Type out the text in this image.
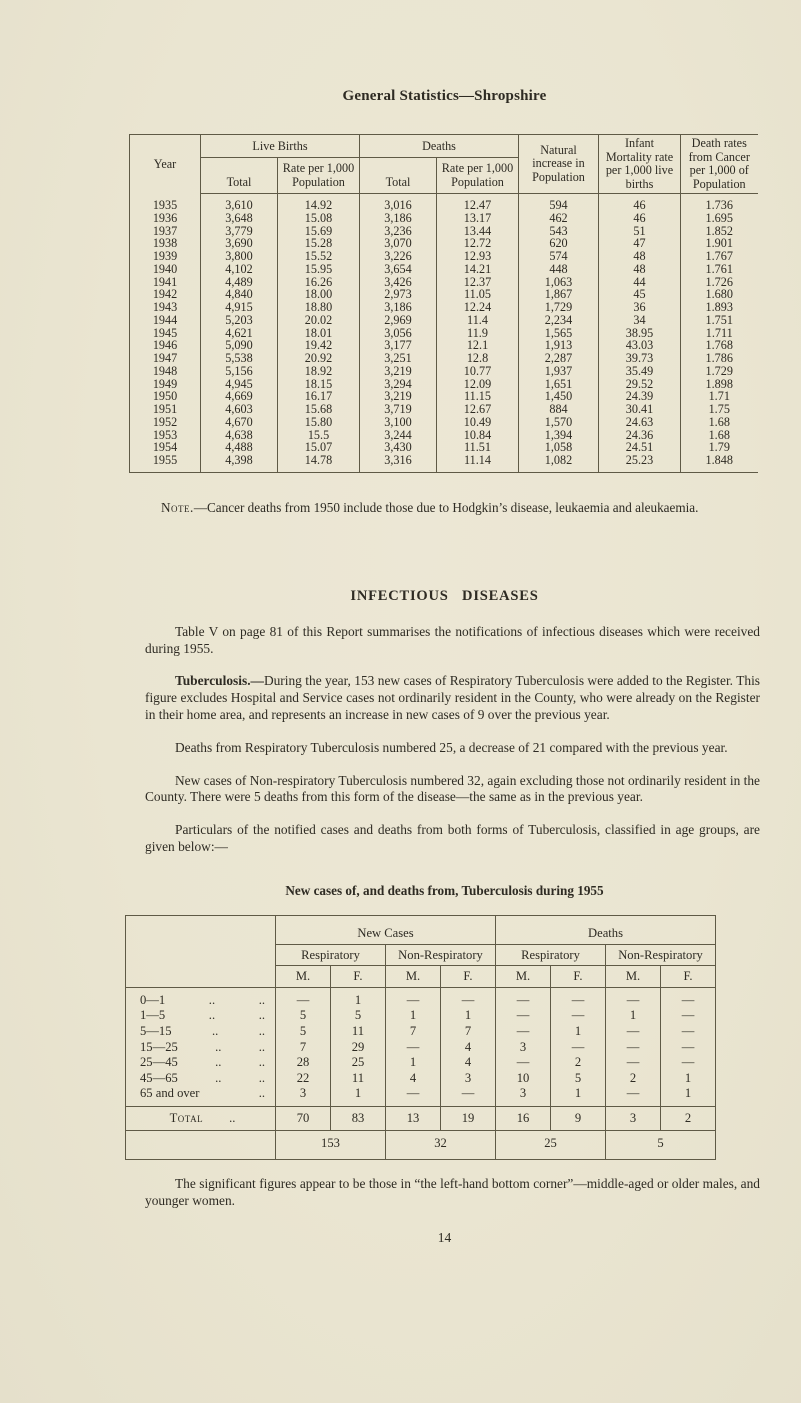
General Statistics—Shropshire
Year	Live Births		Deaths		Natural increase in Population	Infant Mortality rate per 1,000 live births	Death rates from Cancer per 1,000 of Population
	Total	Rate per 1,000 Population	Total	Rate per 1,000 Population			
1935	3,610	14.92	3,016	12.47	594	46	1.736
1936	3,648	15.08	3,186	13.17	462	46	1.695
1937	3,779	15.69	3,236	13.44	543	51	1.852
1938	3,690	15.28	3,070	12.72	620	47	1.901
1939	3,800	15.52	3,226	12.93	574	48	1.767
1940	4,102	15.95	3,654	14.21	448	48	1.761
1941	4,489	16.26	3,426	12.37	1,063	44	1.726
1942	4,840	18.00	2,973	11.05	1,867	45	1.680
1943	4,915	18.80	3,186	12.24	1,729	36	1.893
1944	5,203	20.02	2,969	11.4	2,234	34	1.751
1945	4,621	18.01	3,056	11.9	1,565	38.95	1.711
1946	5,090	19.42	3,177	12.1	1,913	43.03	1.768
1947	5,538	20.92	3,251	12.8	2,287	39.73	1.786
1948	5,156	18.92	3,219	10.77	1,937	35.49	1.729
1949	4,945	18.15	3,294	12.09	1,651	29.52	1.898
1950	4,669	16.17	3,219	11.15	1,450	24.39	1.71
1951	4,603	15.68	3,719	12.67	884	30.41	1.75
1952	4,670	15.80	3,100	10.49	1,570	24.63	1.68
1953	4,638	15.5	3,244	10.84	1,394	24.36	1.68
1954	4,488	15.07	3,430	11.51	1,058	24.51	1.79
1955	4,398	14.78	3,316	11.14	1,082	25.23	1.848

Note.—Cancer deaths from 1950 include those due to Hodgkin’s disease, leukaemia and aleukaemia.

INFECTIOUS DISEASES

Table V on page 81 of this Report summarises the notifications of infectious diseases which were received during 1955.

Tuberculosis.—During the year, 153 new cases of Respiratory Tuberculosis were added to the Register. This figure excludes Hospital and Service cases not ordinarily resident in the County, who were already on the Register in their home area, and represents an increase in new cases of 9 over the previous year.

Deaths from Respiratory Tuberculosis numbered 25, a decrease of 21 compared with the previous year.

New cases of Non-respiratory Tuberculosis numbered 32, again excluding those not ordinarily resident in the County. There were 5 deaths from this form of the disease—the same as in the previous year.

Particulars of the notified cases and deaths from both forms of Tuberculosis, classified in age groups, are given below:—

New cases of, and deaths from, Tuberculosis during 1955
	New Cases				Deaths			
	Respiratory		Non-Respiratory		Respiratory		Non-Respiratory	
	M.	F.	M.	F.	M.	F.	M.	F.

0—1 .. ..	—	1	—	—	—	—	—	—

1—5 .. ..	5	5	1	1	—	—	1	—

5—15 .. ..	5	11	7	7	—	1	—	—

15—25 .. ..	7	29	—	4	3	—	—	—

25—45 .. ..	28	25	1	4	—	2	—	—

45—65 .. ..	22	11	4	3	10	5	2	1

65 and over ..	3	1	—	—	3	1	—	1

Total ..	70	83	13	19	16	9	3	2
	153		32		25		5	

The significant figures appear to be those in “the left-hand bottom corner”—middle-aged or older males, and younger women.

14
